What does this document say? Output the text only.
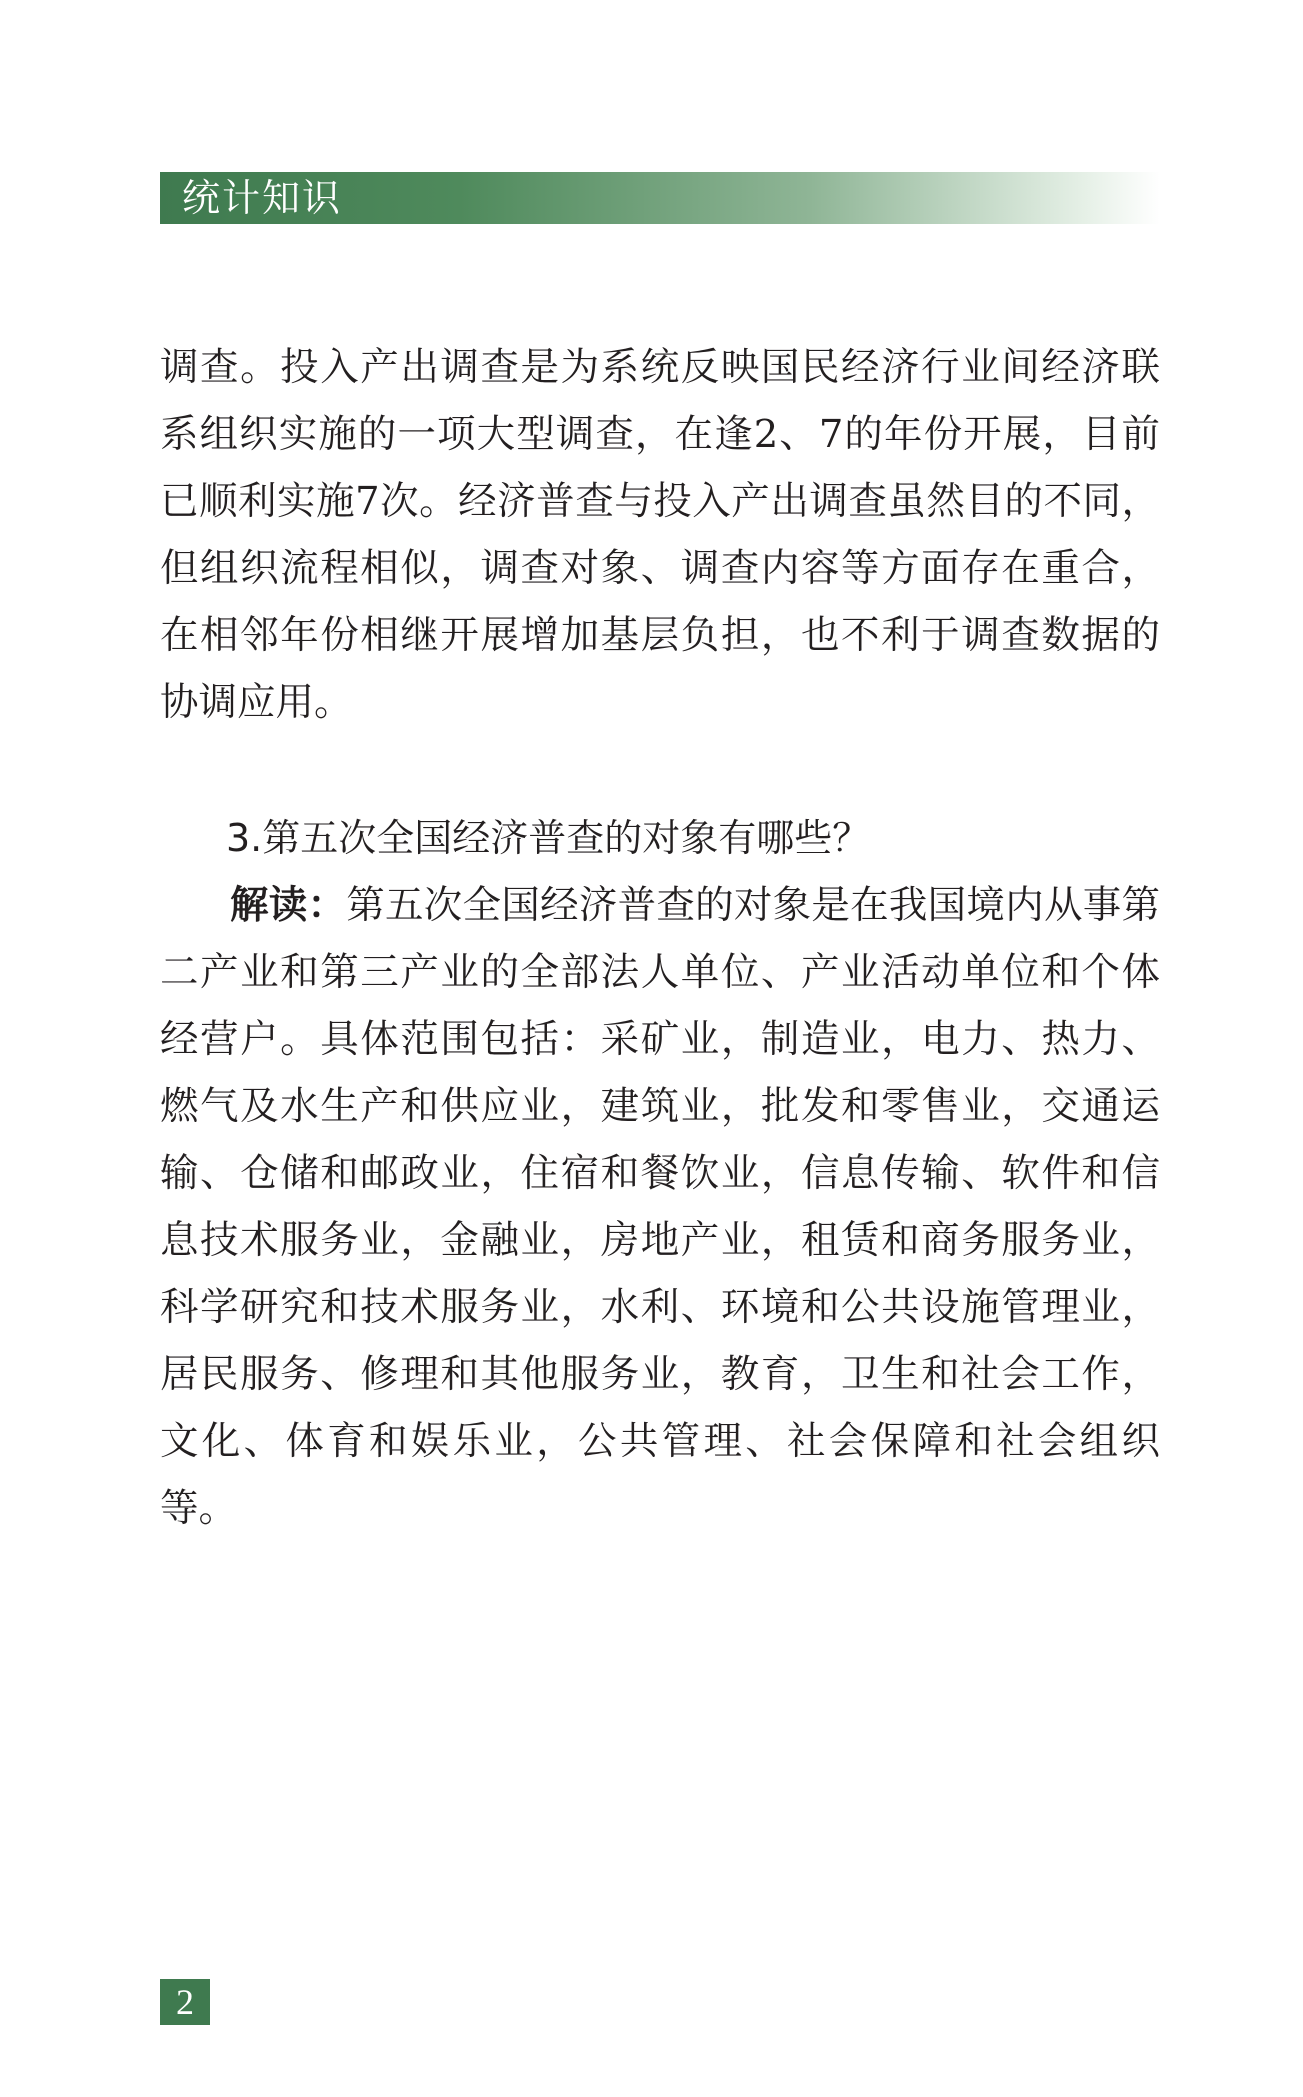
统计知识

调查。投入产出调查是为系统反映国民经济行业间经济联系组织实施的一项大型调查，在逢2、7的年份开展，目前已顺利实施7次。经济普查与投入产出调查虽然目的不同，但组织流程相似，调查对象、调查内容等方面存在重合，在相邻年份相继开展增加基层负担，也不利于调查数据的协调应用。

3.第五次全国经济普查的对象有哪些？

解读：第五次全国经济普查的对象是在我国境内从事第二产业和第三产业的全部法人单位、产业活动单位和个体经营户。具体范围包括：采矿业，制造业，电力、热力、燃气及水生产和供应业，建筑业，批发和零售业，交通运输、仓储和邮政业，住宿和餐饮业，信息传输、软件和信息技术服务业，金融业，房地产业，租赁和商务服务业，科学研究和技术服务业，水利、环境和公共设施管理业，居民服务、修理和其他服务业，教育，卫生和社会工作，文化、体育和娱乐业，公共管理、社会保障和社会组织等。

2
